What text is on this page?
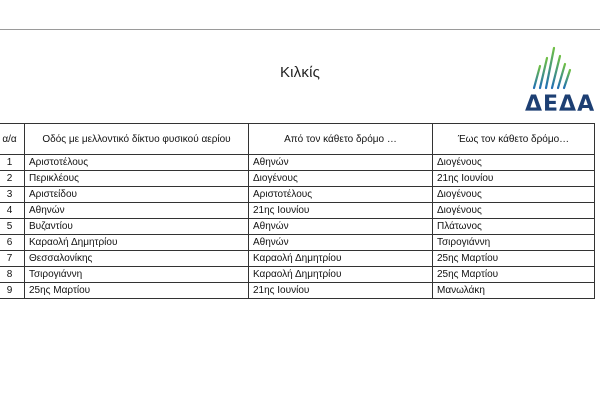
Κιλκίς
ΔΕΔΑ
α/α	Οδός με μελλοντικό δίκτυο φυσικού αερίου	Από τον κάθετο δρόμο …	Έως τον κάθετο δρόμο…
1	Αριστοτέλους	Αθηνών	Διογένους
2	Περικλέους	Διογένους	21ης Ιουνίου
3	Αριστείδου	Αριστοτέλους	Διογένους
4	Αθηνών	21ης Ιουνίου	Διογένους
5	Βυζαντίου	Αθηνών	Πλάτωνος
6	Καραολή Δημητρίου	Αθηνών	Τσιρογιάννη
7	Θεσσαλονίκης	Καραολή Δημητρίου	25ης Μαρτίου
8	Τσιρογιάννη	Καραολή Δημητρίου	25ης Μαρτίου
9	25ης Μαρτίου	21ης Ιουνίου	Μανωλάκη
